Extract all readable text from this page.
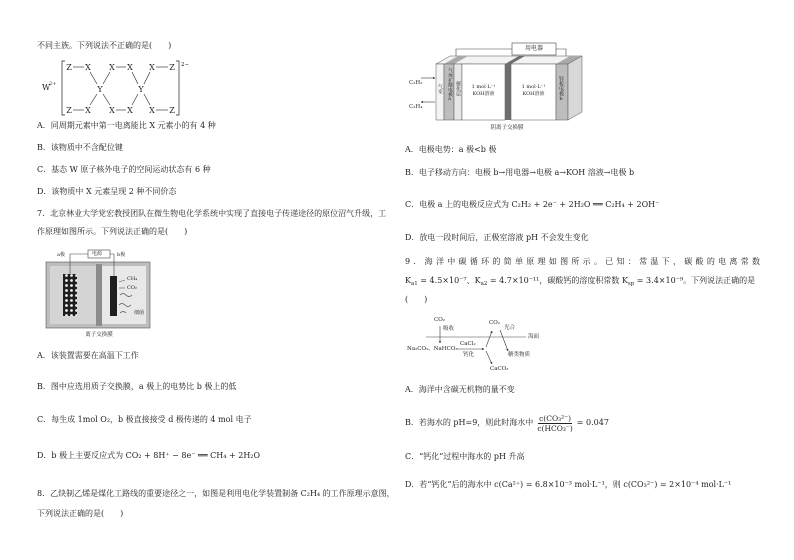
不同主族。下列说法不正确的是(　　)
W
2+
Z X X X X Z
Y	Y
Z X X X X Z
2−
A．同周期元素中第一电离能比 X 元素小的有 4 种
B．该物质中不含配位键
C．基态 W 原子核外电子的空间运动状态有 6 种
D．该物质中 X 元素呈现 2 种不同价态
7．北京林业大学党宏教授团队在微生物电化学系统中实现了直接电子传递途径的原位沼气升级，工
作原理如图所示。下列说法正确的是(　　)
a极	电源	b极
CH₄
CO₂
细菌
离子交换膜
A．该装置需要在高温下工作
B．图中应选用质子交换膜，a 极上的电势比 b 极上的低
C．每生成 1mol O₂，b 极直接接受 d 极传递的 4 mol 电子
D．b 极上主要反应式为 CO₂ + 8H⁺ − 8e⁻ ══ CH₄ + 2H₂O
8．乙炔制乙烯是煤化工路线的重要途径之一，如图是利用电化学装置制备 C₂H₄ 的工作原理示意图，
下列说法正确的是(　　)
用电器
C₂H₂
C₂H₄
气室 气体扩散电极a 催化层	1 mol·L⁻¹
KOH溶液
1 mol·L⁻¹
KOH溶液	锌板电极b
阴离子交换膜
A．电极电势：a 极<b 极
B．电子移动方向：电极 b→用电器→电极 a→KOH 溶液→电极 b
C．电极 a 上的电极反应式为 C₂H₂ + 2e⁻ + 2H₂O ══ C₂H₄ + 2OH⁻
D．放电一段时间后，正极室溶液 pH 不会发生变化
9．海洋中碳循环的简单原理如图所示。已知：常温下，碳酸的电离常数
$K_{a1} = 4.5\times 10^{-7}$、$K_{a2} = 4.7\times 10^{-11}$，碳酸钙的溶度积常数 $K_{sp} = 3.4\times 10^{-9}$。下列说法正确的是
(　　)
CO₂
吸收
CO₂
光合
海面
Na₂CO₃、NaHCO₃
CaCl₂
钙化	糖类物质
CaCO₃
A．海洋中含碳无机物的量不变
B．若海水的 pH=9，则此时海水中 $\frac{\text{c(CO₃²⁻)}}{\text{c(HCO₃⁻)}} = 0.047$
C．“钙化”过程中海水的 pH 升高
D．若“钙化”后的海水中 c(Ca²⁺) = 6.8×10⁻³ mol·L⁻¹，则 c(CO₃²⁻) = 2×10⁻⁴ mol·L⁻¹
